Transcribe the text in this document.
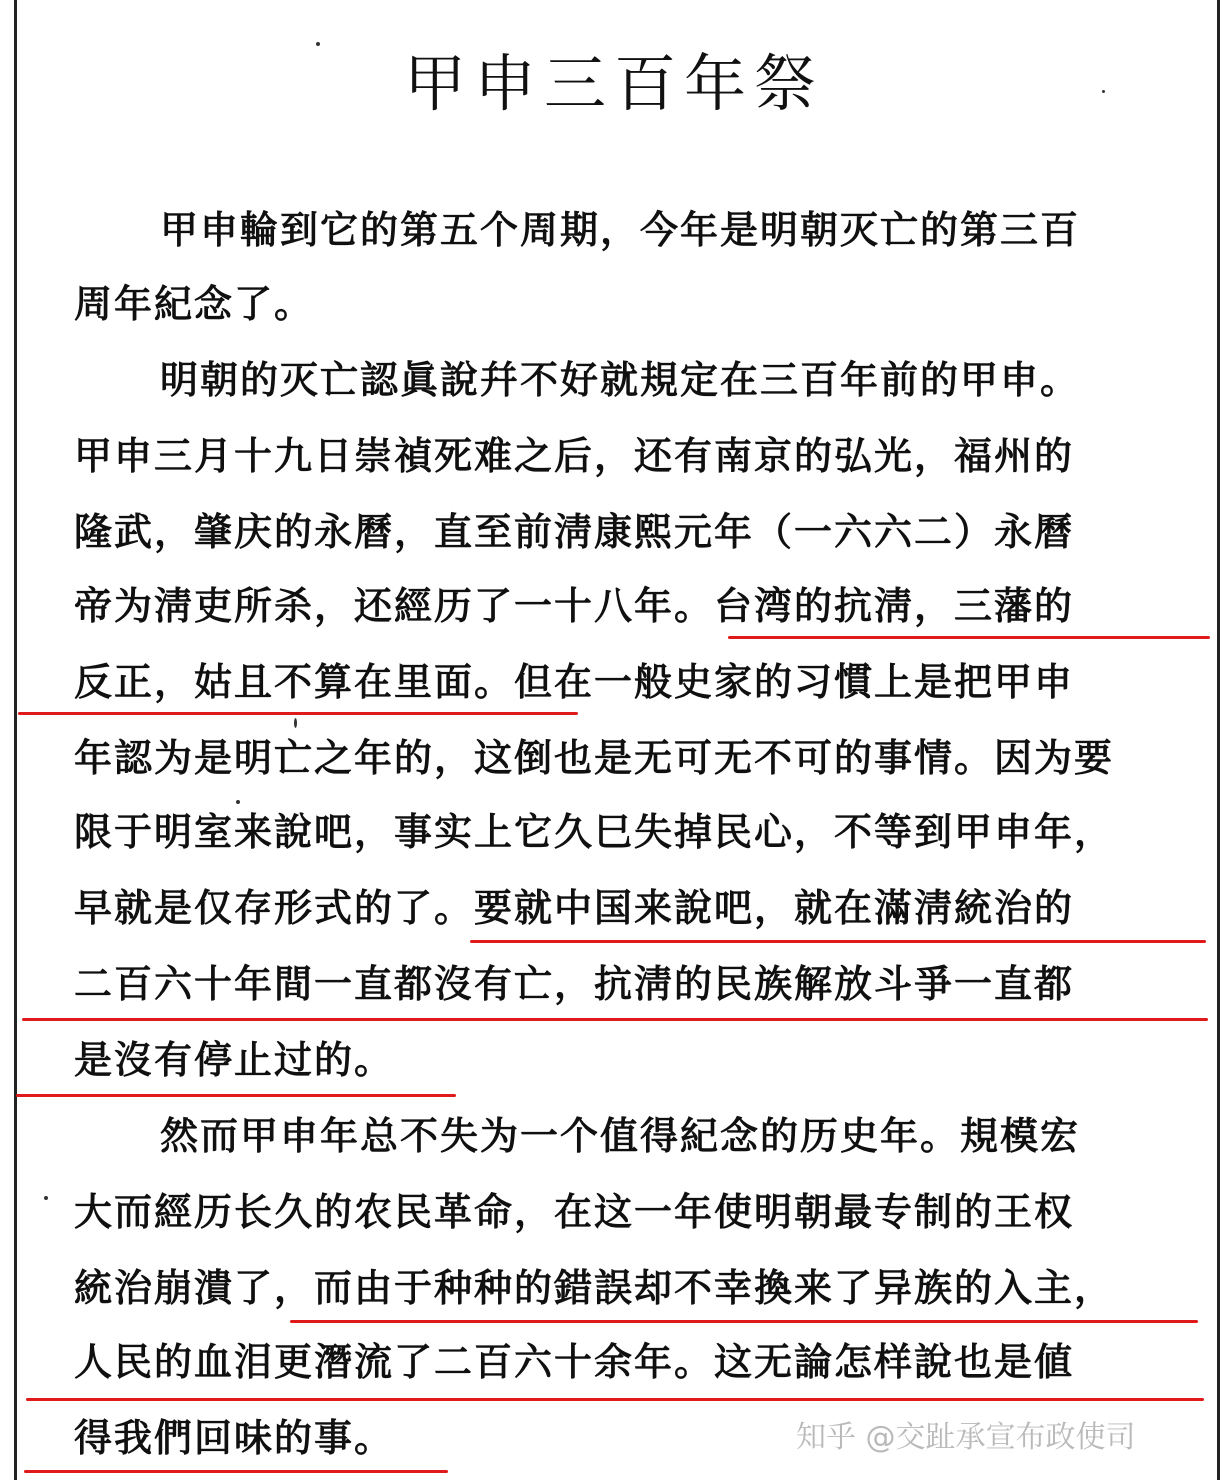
甲申三百年祭
甲申輪到它的第五个周期，今年是明朝灭亡的第三百
周年紀念了。
明朝的灭亡認眞說幷不好就規定在三百年前的甲申。
甲申三月十九日崇禎死难之后，还有南京的弘光，福州的
隆武，肇庆的永曆，直至前淸康熙元年（一六六二）永曆
帝为淸吏所杀，还經历了一十八年。台湾的抗淸，三藩的
反正，姑且不算在里面。但在一般史家的习慣上是把甲申
年認为是明亡之年的，这倒也是无可无不可的事情。因为要
限于明室来說吧，事实上它久巳失掉民心，不等到甲申年，
早就是仅存形式的了。要就中国来說吧，就在滿淸統治的
二百六十年間一直都沒有亡，抗淸的民族解放斗爭一直都
是沒有停止过的。
然而甲申年总不失为一个值得紀念的历史年。規模宏
大而經历长久的农民革命，在这一年使明朝最专制的王权
統治崩潰了，而由于种种的錯誤却不幸換来了异族的入主，
人民的血泪更潛流了二百六十余年。这无論怎样說也是値
得我們回味的事。	知乎 @交趾承宣布政使司
